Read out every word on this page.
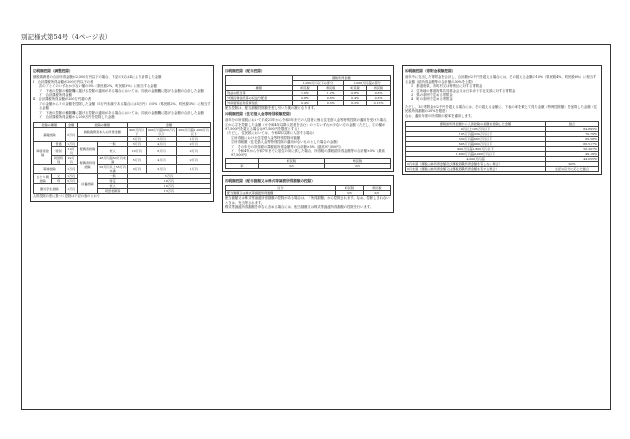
別記様式第54号（4ページ表）
⑵税額控除（調整控除）

納税義務者の合計所得金額が2,500万円以下の場合、下記のⅠ又はⅡにより計算した金額

Ⅰ　合計課税所得金額が200万円以下の者

次のアとイのいずれか少ない額の5%（県民税2%、町民税3%）に相当する金額

ア　下表の控除の種類欄に掲げる控除の適用がある場合においては、同表の金額欄に掲げる金額の合計した金額

イ　合計課税所得金額

Ⅱ　合計課税所得金額が200万円超の者

アの金額からイの金額を控除した金額（5万円未満である場合には5万円）の5%（県民税2%、町民税3%）に相当する金額

ア　下表の控除の種類欄に掲げる控除の適用がある場合においては、同表の金額欄に掲げる金額の合計した金額

イ　合計課税所得金額から200万円を控除した金額

控除の種類		金額	控除の種類		金額		
基礎控除		5万円	納税義務者本人の所得金額		900万円以下	900万円超950万円以下	950万円超1,000万円以下
					5万円	3万円	1万円
障害者控除	普通	1万円	配偶者控除	一般	5万円	4万円	2万円
	特別	10万円		老人	10万円	6万円	2万円
	同居特別	22万円	配偶者特別控除	48万円超50万円未満	5万円	4万円	2万円
寡婦控除		1万円		50万円以上55万円未満	3万円	2万円	1万円
ひとり親控除	父	1万円	扶養控除	一般	5万円		
	母	5万円		特定	18万円		
勤労学生控除		1万円		老人	10万円		
				同居老親等	13万円		

人的控除の差に基づく控除は下記の表のとおり

⑶税額控除（配当控除）
	課税所得金額			
	1,000万円以下の部分		1,000万円超の部分	
種類	町民税	県民税	町民税	県民税
利益の配当等	1.6%	1.2%	0.8%	0.6%
外国投資信託等の収益分配金	0.8%	0.6%	0.4%	0.3%
外貨建等証券投資信託	0.4%	0.3%	0.2%	0.15%

配当控除は、配当割額控除額を差し引いた後の額となります。

⑷税額控除（住宅借入金等特別税額控除）

前年分の所得税において平成21年から令和3年までの入居者に係る住宅借入金等特別控除の適用を受けた場合、①から②を控除した金額（※令和4年以降入居者を含む）のうちいずれか少ない方の金額（ただし、①の額が97,500円を超える場合は97,500円を限度とする）

（ただし、住民税においては、令和4年以降に入居する場合）

①所得税における住宅借入金等特別控除可能額

②所得税額（住宅借入金等特別控除の適用がないものとした場合の金額）

ア　その年分の所得税の課税総所得金額等の合計額×5%（最高97,500円）

イ　令和4年から令和7年までに居住の用に供した場合、所得税の課税総所得金額等の合計額×5%（最高97,500円）

	町民税	県民税
率	3/5	2/5
⑸税額控除（配当割額又は株式等譲渡所得割額の控除）
区分	町民税	県民税
配当割額又は株式等譲渡所得割額	3/5	2/5

配当割額又は株式等譲渡所得割額の控除がある場合は、「所得割額」から控除されます。なお、控除しきれないときは、充当等されます。

株式等譲渡所得割額を申告に含める場合には、配当割額又は株式等譲渡所得割額の控除を行います。

⑹税額控除（寄附金税額控除）

前年中に支出した寄附金を合計し、合計額が2千円を超える場合には、その超える金額の10%（県民税4%、町民税6%）に相当する金額（総所得金額等の合計額の30%を上限）

1　都道府県、市町村又は特別区に対する寄附金

2　住所地の都道府県共同募金会又は日本赤十字社支部に対する寄附金

3　県の条例で定める寄附金

4　町の条例で定める寄附金

ただし、1の寄附金が2千円を超える場合には、その超える金額に、下表の率を乗じて得た金額（特例控除額）を加算した金額（住民税所得割額の20%を限度）

なお、適用年度の所得税の税率を適用します。

課税総所得金額から人的控除の差額を控除した金額	割合
0円以上195万円以下	84.895%
195万円超330万円以下	79.79%
330万円超695万円以下	69.58%
695万円超900万円以下	66.517%
900万円超1,800万円以下	56.307%
1,800万円超4,000万円以下	49.16%
4,000万円超	44.055%
0円未満（課税山林所得金額及び課税退職所得金額を有しない場合）	90%
0円未満（課税山林所得金額又は課税退職所得金額を有する場合）	左記の区分に応じた割合
